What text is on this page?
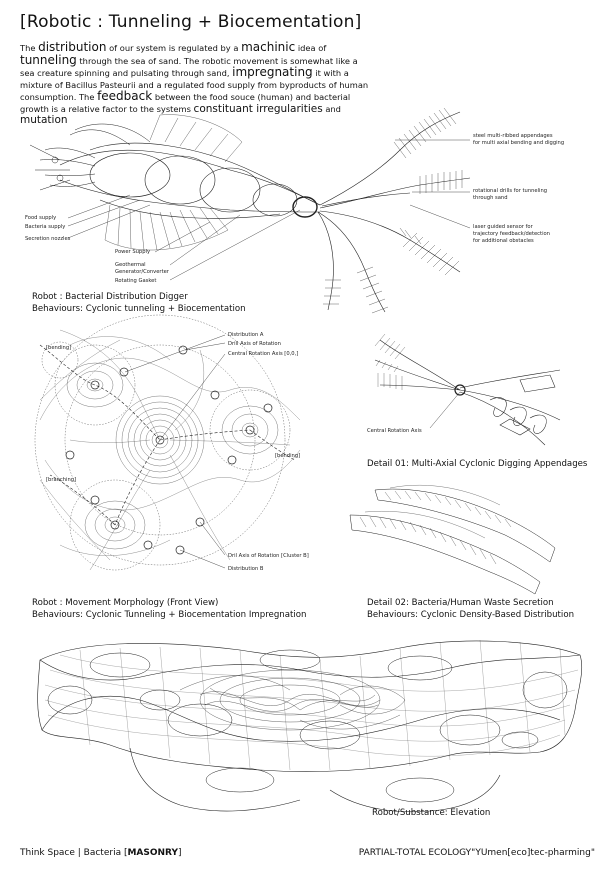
[Robotic : Tunneling + Biocementation]
The distribution of our system is regulated by a machinic idea of tunneling through the sea of sand. The robotic movement is somewhat like a sea creature spinning and pulsating through sand, impregnating it with a mixture of Bacillus Pasteurii and a regulated food supply from byproducts of human consumption. The feedback between the food souce (human) and bacterial growth is a relative factor to the systems constituant irregularities and mutation
Food supply
Bacteria supply
Secretion nozzles
Power Supply
Geothermal
Generator/Converter
Rotating Gasket
steel multi-ribbed appendages
for multi axial bending and digging
rotational drills for tunneling
through sand
laser guided sensor for
trajectory feedback/detection
for additional obstacles
Robot : Bacterial Distribution Digger
Behaviours: Cyclonic tunneling + Biocementation
Distribution A
Drill Axis of Rotation
Central Rotation Axis [0,0,]
[bending]
[bending]
[branching]
Dril Axis of Rotation [Cluster B]
Distribution B
Robot : Movement Morphology (Front View)
Behaviours: Cyclonic Tunneling + Biocementation Impregnation
Central Rotation Axis
Detail 01: Multi-Axial Cyclonic Digging Appendages
Detail 02: Bacteria/Human Waste Secretion
Behaviours: Cyclonic Density-Based Distribution
Robot/Substance: Elevation
Think Space | Bacteria [MASONRY]	PARTIAL-TOTAL ECOLOGY"YUmen[eco]tec-pharming"
